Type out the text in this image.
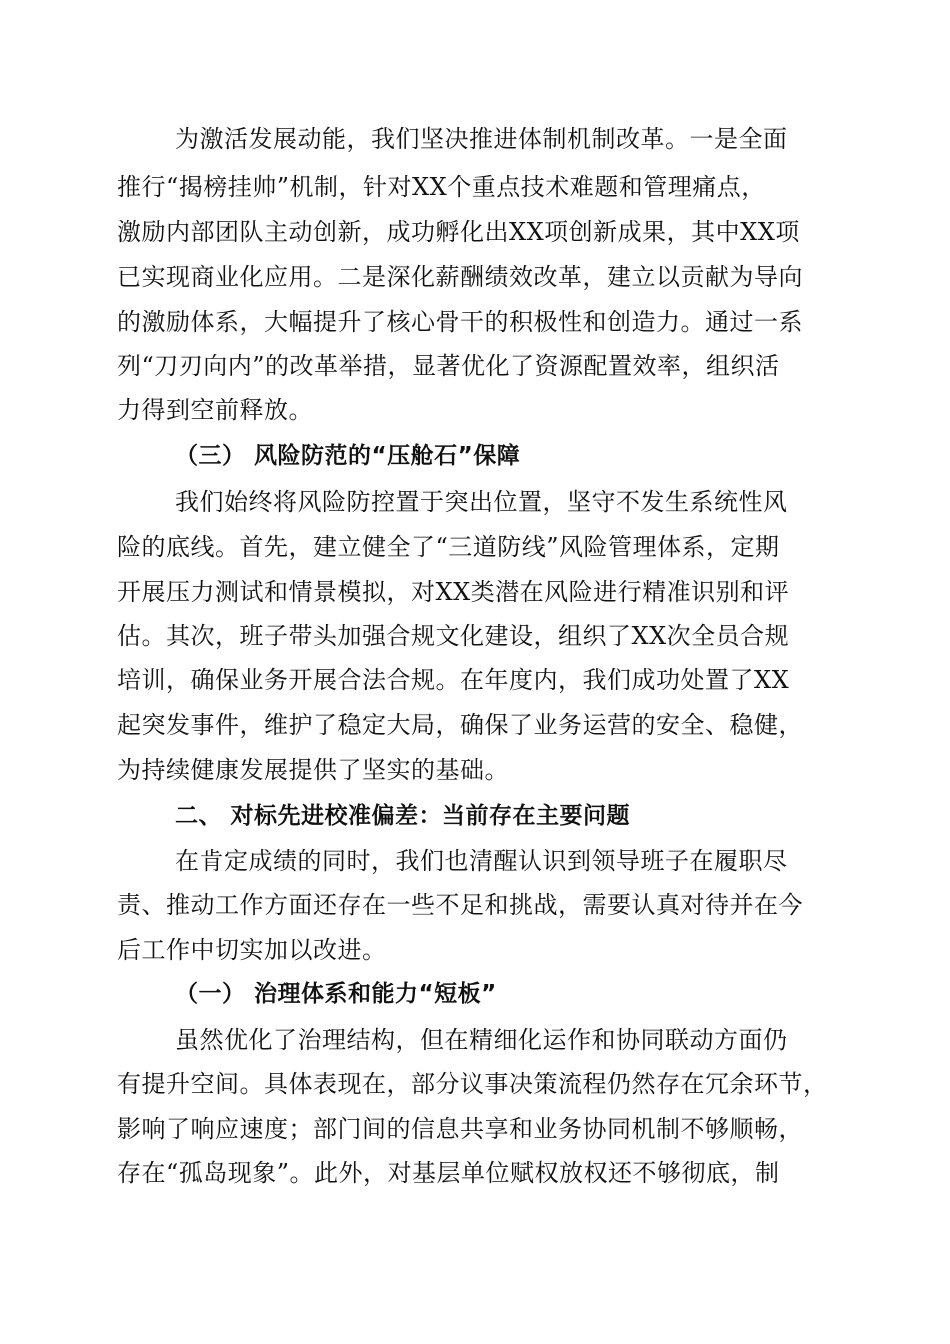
为激活发展动能，我们坚决推进体制机制改革。一是全面
推行“揭榜挂帅”机制，针对XX个重点技术难题和管理痛点，
激励内部团队主动创新，成功孵化出XX项创新成果，其中XX项
已实现商业化应用。二是深化薪酬绩效改革，建立以贡献为导向
的激励体系，大幅提升了核心骨干的积极性和创造力。通过一系
列“刀刃向内”的改革举措，显著优化了资源配置效率，组织活
力得到空前释放。
（三） 风险防范的“压舱石”保障
我们始终将风险防控置于突出位置，坚守不发生系统性风
险的底线。首先，建立健全了“三道防线”风险管理体系，定期
开展压力测试和情景模拟，对XX类潜在风险进行精准识别和评
估。其次，班子带头加强合规文化建设，组织了XX次全员合规
培训，确保业务开展合法合规。在年度内，我们成功处置了XX
起突发事件，维护了稳定大局，确保了业务运营的安全、稳健，
为持续健康发展提供了坚实的基础。
二、 对标先进校准偏差：当前存在主要问题
在肯定成绩的同时，我们也清醒认识到领导班子在履职尽
责、推动工作方面还存在一些不足和挑战，需要认真对待并在今
后工作中切实加以改进。
（一） 治理体系和能力“短板”
虽然优化了治理结构，但在精细化运作和协同联动方面仍
有提升空间。具体表现在，部分议事决策流程仍然存在冗余环节，
影响了响应速度；部门间的信息共享和业务协同机制不够顺畅，
存在“孤岛现象”。此外，对基层单位赋权放权还不够彻底，制
